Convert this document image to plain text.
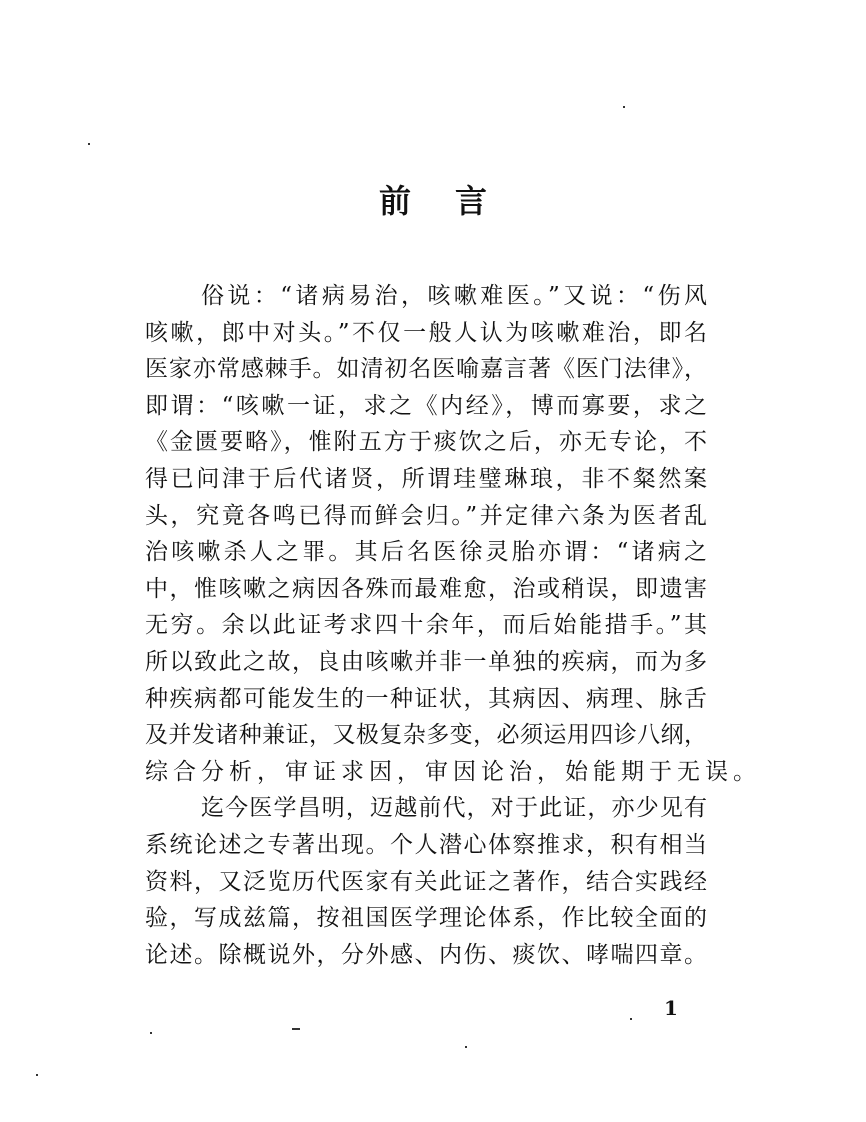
前言
俗说：“诸病易治，咳嗽难医。”又说：“伤风
咳嗽，郎中对头。”不仅一般人认为咳嗽难治，即名
医家亦常感棘手。如清初名医喻嘉言著《医门法律》，
即谓：“咳嗽一证，求之《内经》，博而寡要，求之
《金匮要略》，惟附五方于痰饮之后，亦无专论，不
得已问津于后代诸贤，所谓珪璧琳琅，非不粲然案
头，究竟各鸣已得而鲜会归。”并定律六条为医者乱
治咳嗽杀人之罪。其后名医徐灵胎亦谓：“诸病之
中，惟咳嗽之病因各殊而最难愈，治或稍误，即遗害
无穷。余以此证考求四十余年，而后始能措手。”其
所以致此之故，良由咳嗽并非一单独的疾病，而为多
种疾病都可能发生的一种证状，其病因、病理、脉舌
及并发诸种兼证，又极复杂多变，必须运用四诊八纲，
综合分析，审证求因，审因论治，始能期于无误。
迄今医学昌明，迈越前代，对于此证，亦少见有
系统论述之专著出现。个人潜心体察推求，积有相当
资料，又泛览历代医家有关此证之著作，结合实践经
验，写成兹篇，按祖国医学理论体系，作比较全面的
论述。除概说外，分外感、内伤、痰饮、哮喘四章。
1
